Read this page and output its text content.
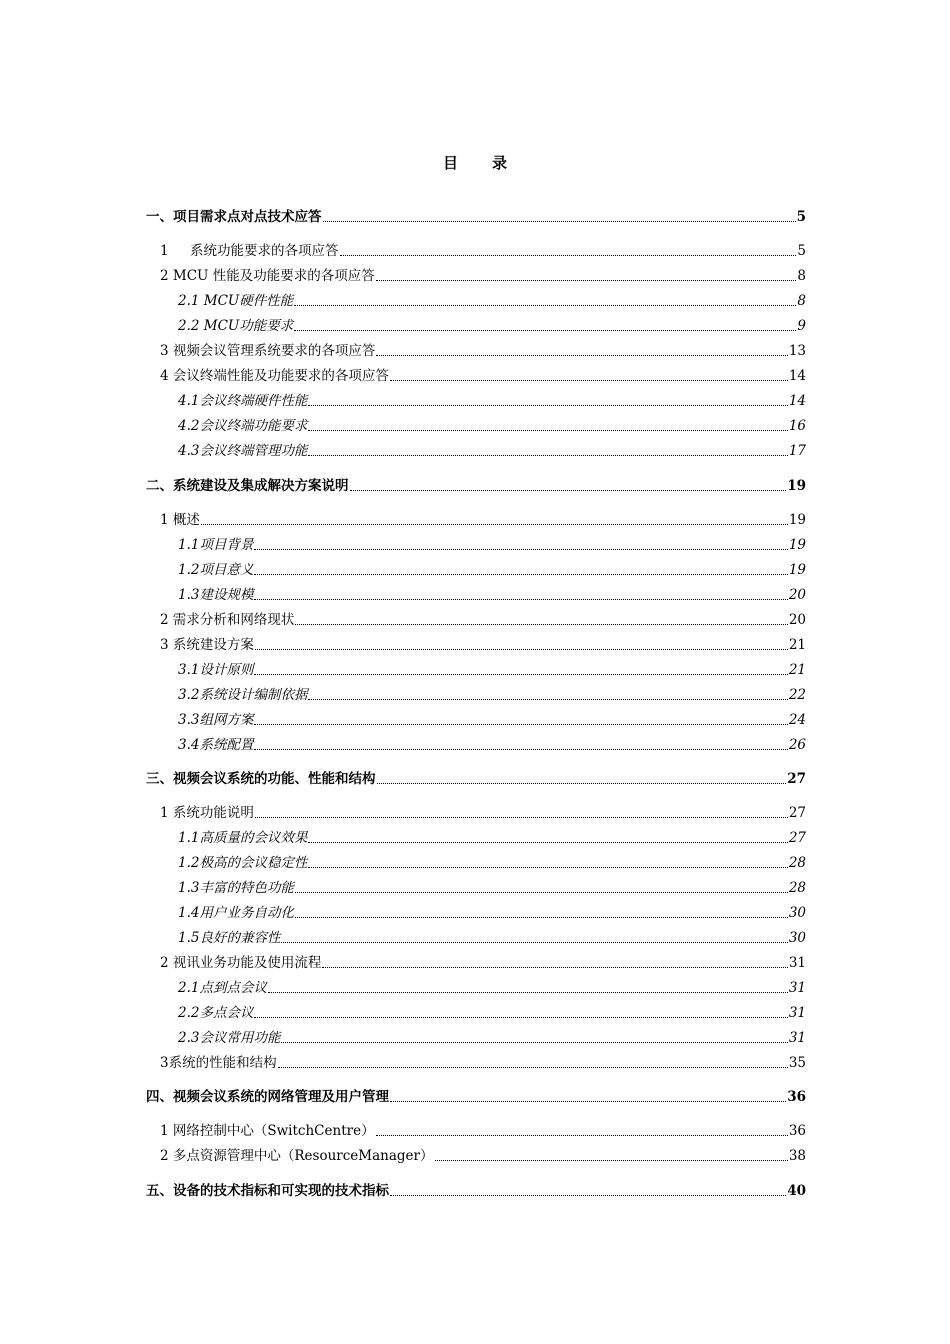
目 录
一、项目需求点对点技术应答	5
1     系统功能要求的各项应答	5
2 MCU 性能及功能要求的各项应答	8
2.1 MCU硬件性能	8
2.2 MCU功能要求	9
3 视频会议管理系统要求的各项应答	13
4 会议终端性能及功能要求的各项应答	14
4.1会议终端硬件性能	14
4.2会议终端功能要求	16
4.3会议终端管理功能	17
二、系统建设及集成解决方案说明	19
1 概述	19
1.1项目背景	19
1.2项目意义	19
1.3建设规模	20
2 需求分析和网络现状	20
3 系统建设方案	21
3.1设计原则	21
3.2系统设计编制依据	22
3.3组网方案	24
3.4系统配置	26
三、视频会议系统的功能、性能和结构	27
1 系统功能说明	27
1.1高质量的会议效果	27
1.2极高的会议稳定性	28
1.3丰富的特色功能	28
1.4用户业务自动化	30
1.5良好的兼容性	30
2 视讯业务功能及使用流程	31
2.1点到点会议	31
2.2多点会议	31
2.3会议常用功能	31
3系统的性能和结构	35
四、视频会议系统的网络管理及用户管理	36
1 网络控制中心（SwitchCentre）	36
2 多点资源管理中心（ResourceManager）	38
五、设备的技术指标和可实现的技术指标	40
